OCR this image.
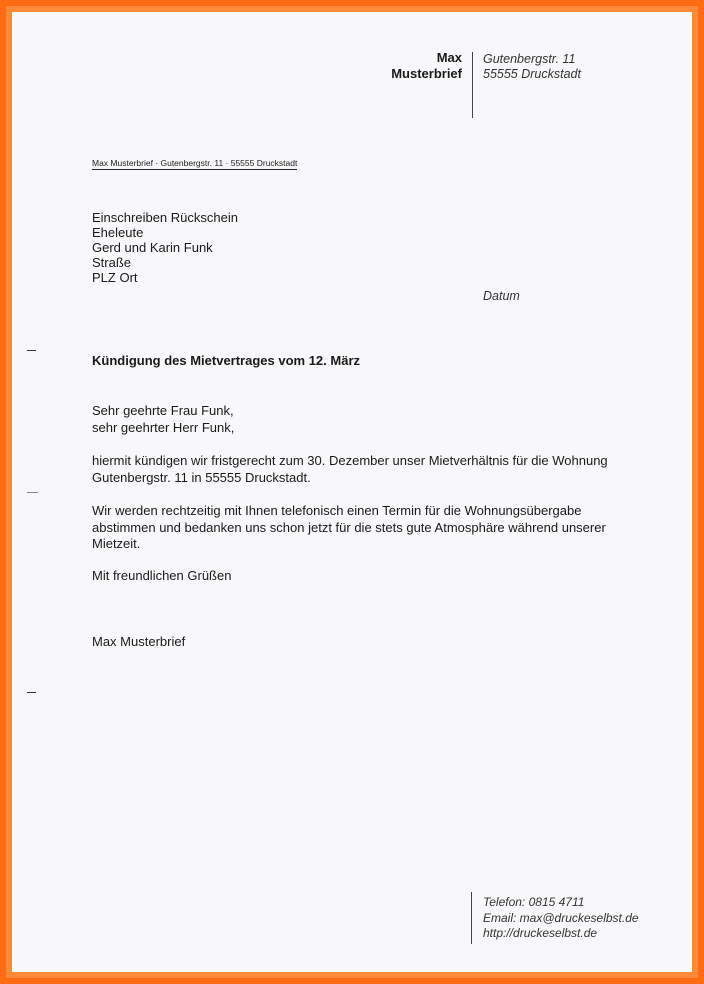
Max
Musterbrief
Gutenbergstr. 11
55555 Druckstadt
Max Musterbrief · Gutenbergstr. 11 · 55555 Druckstadt
Einschreiben Rückschein
Eheleute
Gerd und Karin Funk
Straße
PLZ Ort
Datum
Kündigung des Mietvertrages vom 12. März
Sehr geehrte Frau Funk,
sehr geehrter Herr Funk,
hiermit kündigen wir fristgerecht zum 30. Dezember unser Mietverhältnis für die Wohnung
Gutenbergstr. 11 in 55555 Druckstadt.
Wir werden rechtzeitig mit Ihnen telefonisch einen Termin für die Wohnungsübergabe
abstimmen und bedanken uns schon jetzt für die stets gute Atmosphäre während unserer
Mietzeit.
Mit freundlichen Grüßen
Max Musterbrief
Telefon: 0815 4711
Email: max@druckeselbst.de
http://druckeselbst.de
